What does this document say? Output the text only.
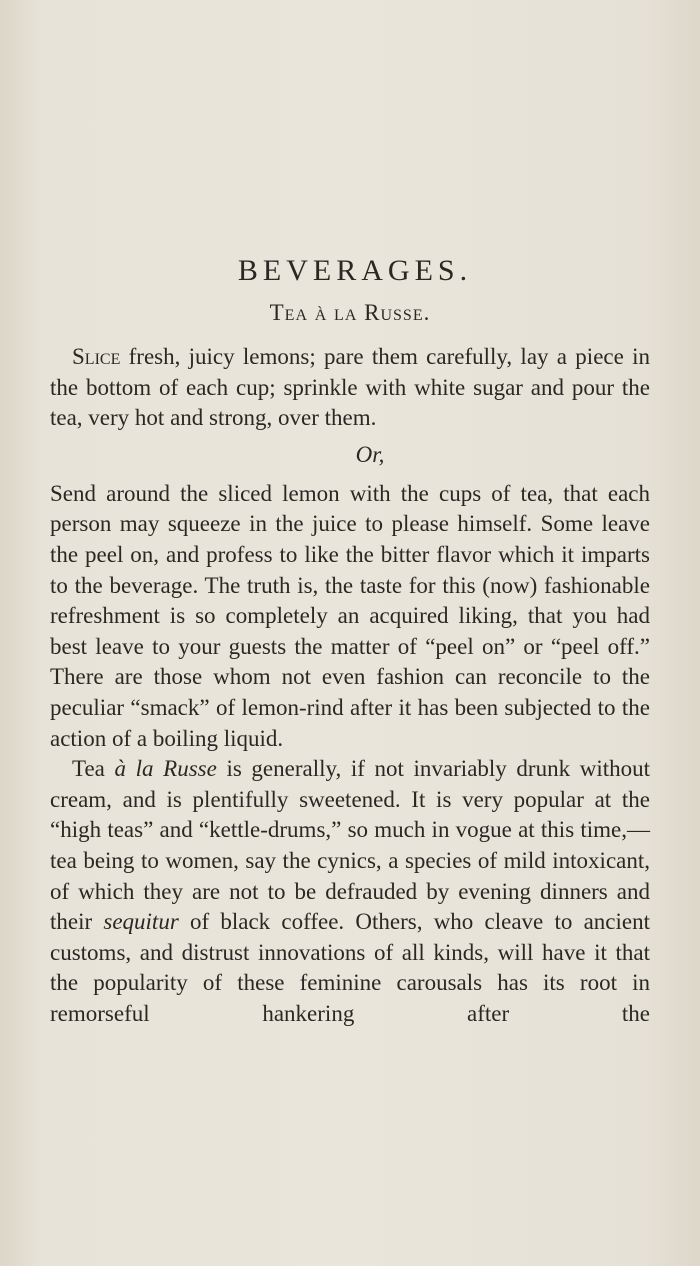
BEVERAGES.
Tea à la Russe.

Slice fresh, juicy lemons; pare them carefully, lay a piece in the bottom of each cup; sprinkle with white sugar and pour the tea, very hot and strong, over them.

Or,

Send around the sliced lemon with the cups of tea, that each person may squeeze in the juice to please himself. Some leave the peel on, and profess to like the bitter flavor which it imparts to the beverage. The truth is, the taste for this (now) fashionable refreshment is so completely an acquired liking, that you had best leave to your guests the matter of “peel on” or “peel off.” There are those whom not even fashion can reconcile to the peculiar “smack” of lemon-rind after it has been subjected to the action of a boiling liquid.

Tea à la Russe is generally, if not invariably drunk without cream, and is plentifully sweetened. It is very popular at the “high teas” and “kettle-drums,” so much in vogue at this time,—tea being to women, say the cynics, a species of mild intoxicant, of which they are not to be defrauded by evening dinners and their sequitur of black coffee. Others, who cleave to ancient customs, and distrust innovations of all kinds, will have it that the popularity of these feminine carousals has its root in remorseful hankering after the
